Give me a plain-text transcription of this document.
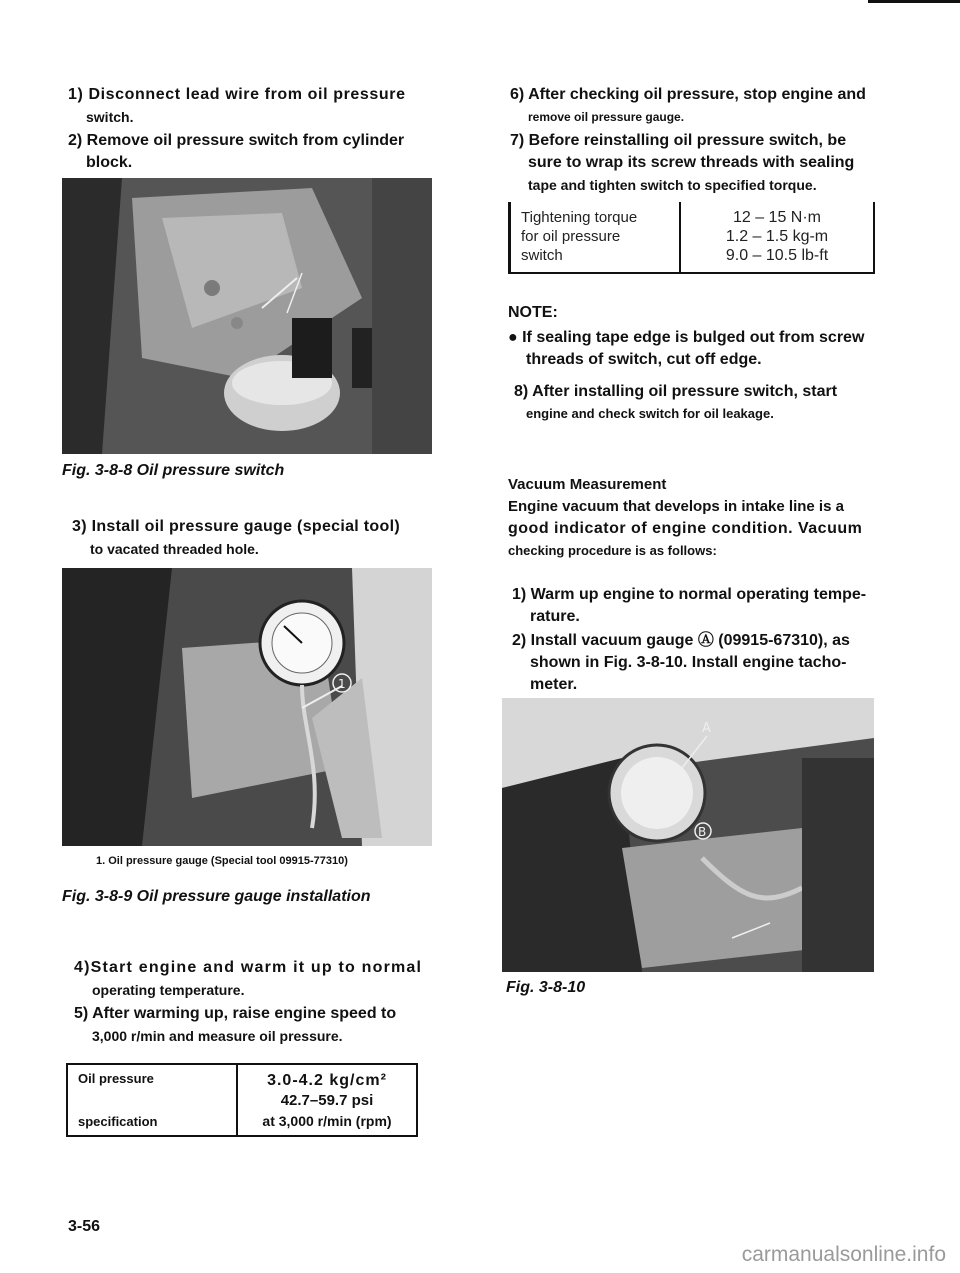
1) Disconnect lead wire from oil pressure

switch.

2) Remove oil pressure switch from cylinder

block.

Fig. 3-8-8 Oil pressure switch

3) Install oil pressure gauge (special tool)

to vacated threaded hole.

1
1. Oil pressure gauge (Special tool 09915-77310)
Fig. 3-8-9 Oil pressure gauge installation

4)Start engine and warm it up to normal

operating temperature.

5) After warming up, raise engine speed to

3,000 r/min and measure oil pressure.

Oil pressure
specification
3.0-4.2 kg/cm²
42.7–59.7 psi
at 3,000 r/min (rpm)

6) After checking oil pressure, stop engine and

remove oil pressure gauge.

7) Before reinstalling oil pressure switch, be

sure to wrap its screw threads with sealing

tape and tighten switch to specified torque.

Tightening torque
for oil pressure
switch
12 – 15 N·m
1.2 – 1.5 kg-m
9.0 – 10.5 lb-ft

NOTE:

● If sealing tape edge is bulged out from screw

threads of switch, cut off edge.

8) After installing oil pressure switch, start

engine and check switch for oil leakage.

Vacuum Measurement

Engine vacuum that develops in intake line is a

good indicator of engine condition. Vacuum

checking procedure is as follows:

1) Warm up engine to normal operating tempe-

rature.

2) Install vacuum gauge Ⓐ (09915-67310), as

shown in Fig. 3-8-10. Install engine tacho-

meter.

A
B
Fig. 3-8-10
3-56
carmanualsonline.info
